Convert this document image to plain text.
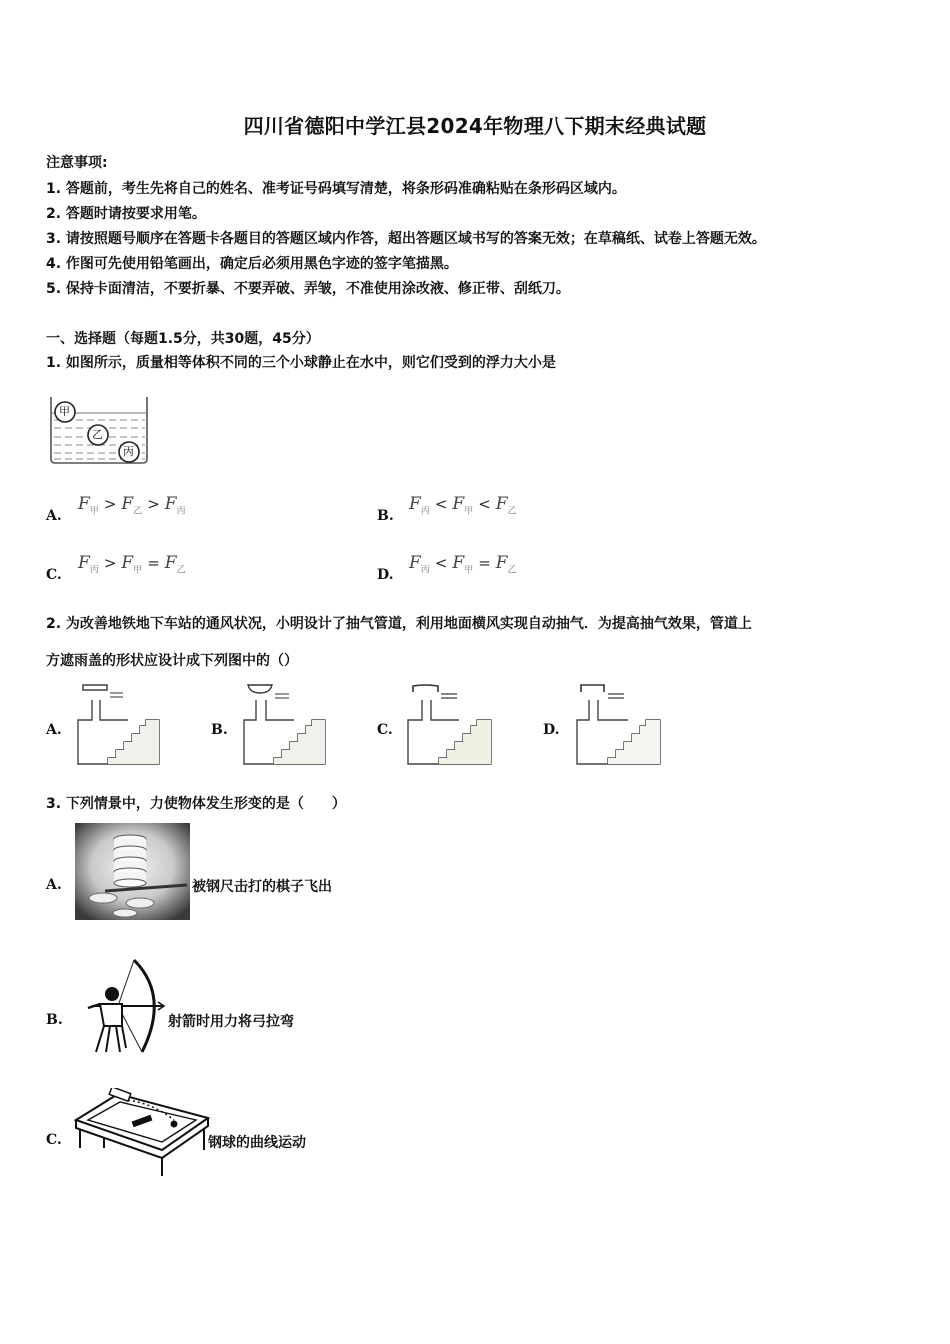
四川省德阳中学江县2024年物理八下期末经典试题
注意事项:
1. 答题前，考生先将自己的姓名、准考证号码填写清楚，将条形码准确粘贴在条形码区域内。
2. 答题时请按要求用笔。
3. 请按照题号顺序在答题卡各题目的答题区域内作答，超出答题区域书写的答案无效；在草稿纸、试卷上答题无效。
4. 作图可先使用铅笔画出，确定后必须用黑色字迹的签字笔描黑。
5. 保持卡面清洁，不要折暴、不要弄破、弄皱，不准使用涂改液、修正带、刮纸刀。
一、选择题（每题1.5分，共30题，45分）
1. 如图所示，质量相等体积不同的三个小球静止在水中，则它们受到的浮力大小是
甲
乙
丙
A.
$F_甲 > F_乙 > F_丙$	B.
$F_丙 < F_甲 < F_乙$
C.
$F_丙 > F_甲 = F_乙$	D.
$F_丙 < F_甲 = F_乙$
2. 为改善地铁地下车站的通风状况，小明设计了抽气管道，利用地面横风实现自动抽气．为提高抽气效果，管道上
方遮雨盖的形状应设计成下列图中的（）
A.	B.	C.	D.
3. 下列情景中，力使物体发生形变的是（　　）
A.	被钢尺击打的棋子飞出
B.	射箭时用力将弓拉弯
C.	钢球的曲线运动
